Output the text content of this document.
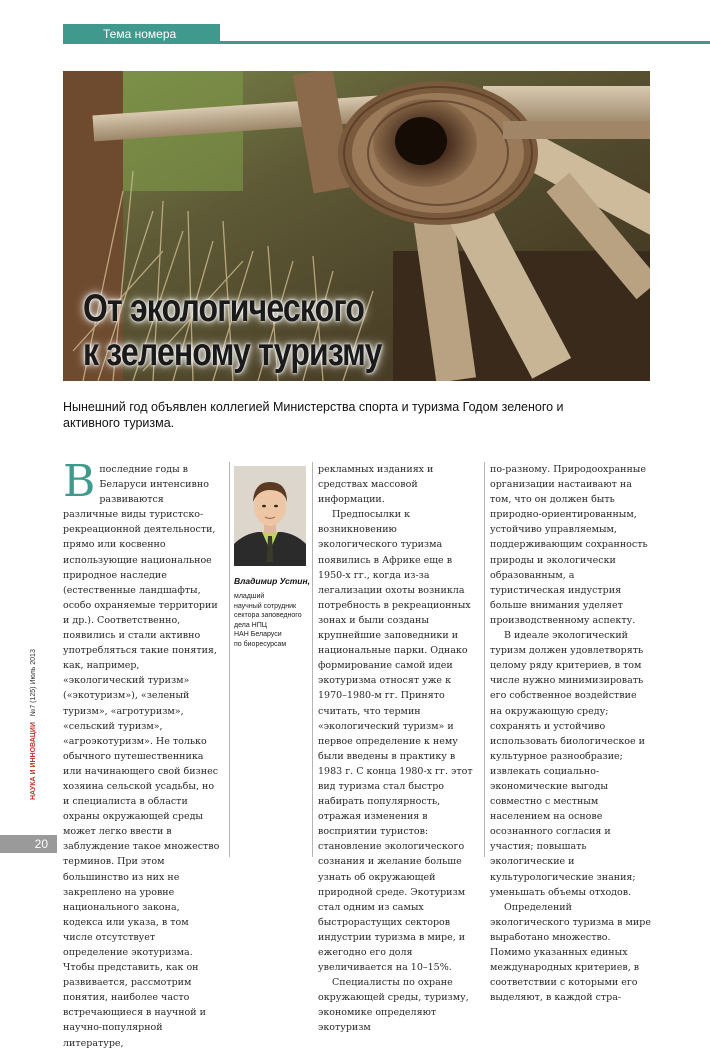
Тема номера
От экологического
к зеленому туризму

Нынешний год объявлен коллегией Министерства спорта и туризма Годом зеленого и активного туризма.

В последние годы в Беларуси интенсивно развиваются различные виды туристско-рекреационной деятельности, прямо или косвенно использующие национальное природное наследие (естественные ландшафты, особо охраняемые территории и др.). Соответственно, появились и стали активно употребляться такие понятия, как, например, «экологический туризм» («экотуризм»), «зеленый туризм», «агротуризм», «сельский туризм», «агроэкотуризм». Не только обычного путешественника или начинающего свой бизнес хозяина сельской усадьбы, но и специалиста в области охраны окружающей среды может легко ввести в заблуждение такое множество терминов. При этом большинство из них не закреплено на уровне национального закона, кодекса или указа, в том числе отсутствует определение экотуризма. Чтобы представить, как он развивается, рассмотрим понятия, наиболее часто встречающиеся в научной и научно-популярной литературе,

Владимир Устин,

младший
научный сотрудник
сектора заповедного
дела НПЦ
НАН Беларуси
по биоресурсам

рекламных изданиях и средствах массовой информации.

Предпосылки к возникновению экологического туризма появились в Африке еще в 1950-х гг., когда из-за легализации охоты возникла потребность в рекреационных зонах и были созданы крупнейшие заповедники и национальные парки. Однако формирование самой идеи экотуризма относят уже к 1970–1980-м гг. Принято считать, что термин «экологический туризм» и первое определение к нему были введены в практику в 1983 г. С конца 1980-х гг. этот вид туризма стал быстро набирать популярность, отражая изменения в восприятии туристов: становление экологического сознания и желание больше узнать об окружающей природной среде. Экотуризм стал одним из самых быстрорастущих секторов индустрии туризма в мире, и ежегодно его доля увеличивается на 10–15%.

Специалисты по охране окружающей среды, туризму, экономике определяют экотуризм

по-разному. Природоохранные организации настаивают на том, что он должен быть природно-ориентированным, устойчиво управляемым, поддерживающим сохранность природы и экологически образованным, а туристическая индустрия больше внимания уделяет производственному аспекту.

В идеале экологический туризм должен удовлетворять целому ряду критериев, в том числе нужно минимизировать его собственное воздействие на окружающую среду; сохранять и устойчиво использовать биологическое и культурное разнообразие; извлекать социально-экономические выгоды совместно с местным населением на основе осознанного согласия и участия; повышать экологические и культурологические знания; уменьшать объемы отходов.

Определений экологического туризма в мире выработано множество. Помимо указанных единых международных критериев, в соответствии с которыми его выделяют, в каждой стра-

НАУКА И ИННОВАЦИИ   №7 (125) Июль 2013
20
